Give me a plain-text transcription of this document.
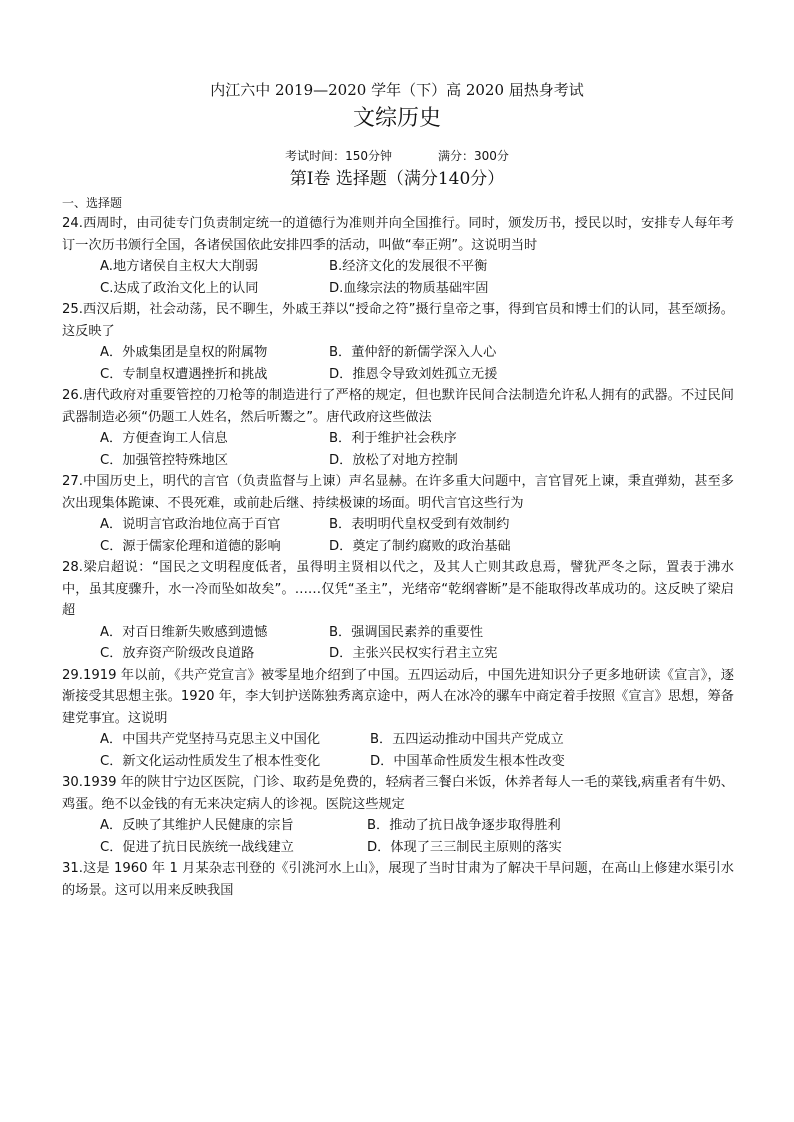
内江六中 2019—2020 学年（下）高 2020 届热身考试
文综历史
考试时间：150分钟	满分：300分
第Ⅰ卷 选择题（满分140分）
一、选择题
24.西周时，由司徒专门负责制定统一的道德行为准则并向全国推行。同时，颁发历书，授民以时，安排专人每年考订一次历书颁行全国，各诸侯国依此安排四季的活动，叫做“奉正朔”。这说明当时
A.地方诸侯自主权大大削弱	B.经济文化的发展很不平衡
C.达成了政治文化上的认同	D.血缘宗法的物质基础牢固
25.西汉后期，社会动荡，民不聊生，外戚王莽以“授命之符”摄行皇帝之事，得到官员和博士们的认同，甚至颂扬。这反映了
A．外戚集团是皇权的附属物	B．董仲舒的新儒学深入人心
C．专制皇权遭遇挫折和挑战	D．推恩令导致刘姓孤立无援
26.唐代政府对重要管控的刀枪等的制造进行了严格的规定，但也默许民间合法制造允许私人拥有的武器。不过民间武器制造必须“仍题工人姓名，然后听鬻之”。唐代政府这些做法
A．方便查询工人信息	B．利于维护社会秩序
C．加强管控特殊地区	D．放松了对地方控制
27.中国历史上，明代的言官（负责监督与上谏）声名显赫。在许多重大问题中，言官冒死上谏，秉直弹劾，甚至多次出现集体跪谏、不畏死难，或前赴后继、持续极谏的场面。明代言官这些行为
A．说明言官政治地位高于百官	B．表明明代皇权受到有效制约
C．源于儒家伦理和道德的影响	D．奠定了制约腐败的政治基础
28.梁启超说：“国民之文明程度低者，虽得明主贤相以代之，及其人亡则其政息焉，譬犹严冬之际，置表于沸水中，虽其度骤升，水一冷而坠如故矣”。……仅凭“圣主”，光绪帝“乾纲睿断”是不能取得改革成功的。这反映了梁启超
A．对百日维新失败感到遗憾	B．强调国民素养的重要性
C．放弃资产阶级改良道路	D．主张兴民权实行君主立宪
29.1919 年以前，《共产党宣言》被零星地介绍到了中国。五四运动后，中国先进知识分子更多地研读《宣言》，逐渐接受其思想主张。1920 年，李大钊护送陈独秀离京途中，两人在冰冷的骡车中商定着手按照《宣言》思想，筹备建党事宜。这说明
A．中国共产党坚持马克思主义中国化	B．五四运动推动中国共产党成立
C．新文化运动性质发生了根本性变化	D．中国革命性质发生根本性改变
30.1939 年的陕甘宁边区医院，门诊、取药是免费的，轻病者三餐白米饭，休养者每人一毛的菜钱,病重者有牛奶、鸡蛋。绝不以金钱的有无来决定病人的诊视。医院这些规定
A．反映了其维护人民健康的宗旨	B．推动了抗日战争逐步取得胜利
C．促进了抗日民族统一战线建立	D．体现了三三制民主原则的落实
31.这是 1960 年 1 月某杂志刊登的《引洮河水上山》，展现了当时甘肃为了解决干旱问题，在高山上修建水渠引水的场景。这可以用来反映我国
